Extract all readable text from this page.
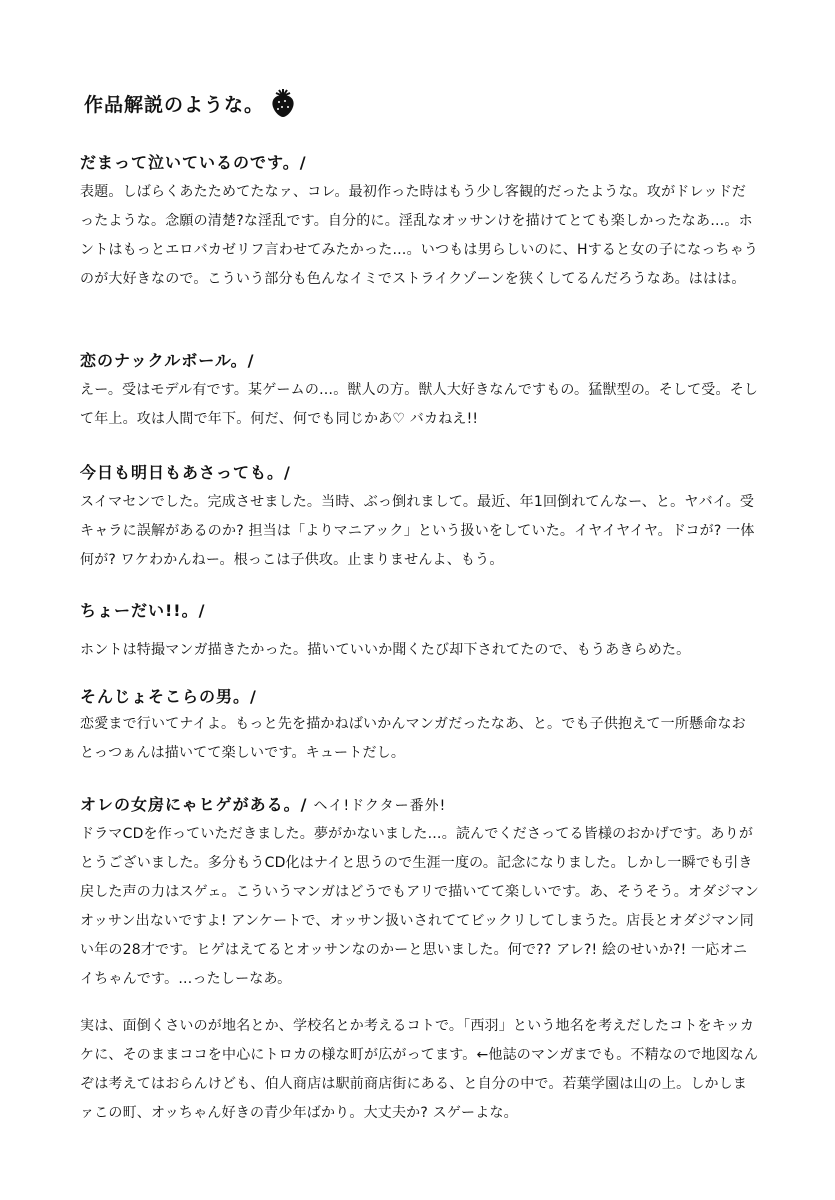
作品解説のような。
だまって泣いているのです。/
表題。しばらくあたためてたなァ、コレ。最初作った時はもう少し客観的だったような。攻がドレッドだったような。念願の清楚?な淫乱です。自分的に。淫乱なオッサンけを描けてとても楽しかったなあ…。ホントはもっとエロバカゼリフ言わせてみたかった…。いつもは男らしいのに、Hすると女の子になっちゃうのが大好きなので。こういう部分も色んなイミでストライクゾーンを狭くしてるんだろうなあ。ははは。
恋のナックルボール。/
えー。受はモデル有です。某ゲームの…。獣人の方。獣人大好きなんですもの。猛獣型の。そして受。そして年上。攻は人間で年下。何だ、何でも同じかあ♡ バカねえ!!
今日も明日もあさっても。/
スイマセンでした。完成させました。当時、ぶっ倒れまして。最近、年1回倒れてんなー、と。ヤバイ。受キャラに誤解があるのか? 担当は「よりマニアック」という扱いをしていた。イヤイヤイヤ。ドコが? 一体何が? ワケわかんねー。根っこは子供攻。止まりませんよ、もう。
ちょーだい!!。/
ホントは特撮マンガ描きたかった。描いていいか聞くたび却下されてたので、もうあきらめた。
そんじょそこらの男。/
恋愛まで行いてナイよ。もっと先を描かねばいかんマンガだったなあ、と。でも子供抱えて一所懸命なおとっつぁんは描いてて楽しいです。キュートだし。
オレの女房にゃヒゲがある。/ ヘイ!ドクター番外!
ドラマCDを作っていただきました。夢がかないました…。読んでくださってる皆様のおかげです。ありがとうございました。多分もうCD化はナイと思うので生涯一度の。記念になりました。しかし一瞬でも引き戻した声の力はスゲェ。こういうマンガはどうでもアリで描いてて楽しいです。あ、そうそう。オダジマンオッサン出ないですよ! アンケートで、オッサン扱いされててビックリしてしまうた。店長とオダジマン同い年の28才です。ヒゲはえてるとオッサンなのかーと思いました。何で?? アレ?! 絵のせいか?! 一応オニイちゃんです。…ったしーなあ。
実は、面倒くさいのが地名とか、学校名とか考えるコトで。「西羽」という地名を考えだしたコトをキッカケに、そのままココを中心にトロカの様な町が広がってます。←他誌のマンガまでも。不精なので地図なんぞは考えてはおらんけども、伯人商店は駅前商店街にある、と自分の中で。若葉学園は山の上。しかしまァこの町、オッちゃん好きの青少年ばかり。大丈夫か? スゲーよな。
